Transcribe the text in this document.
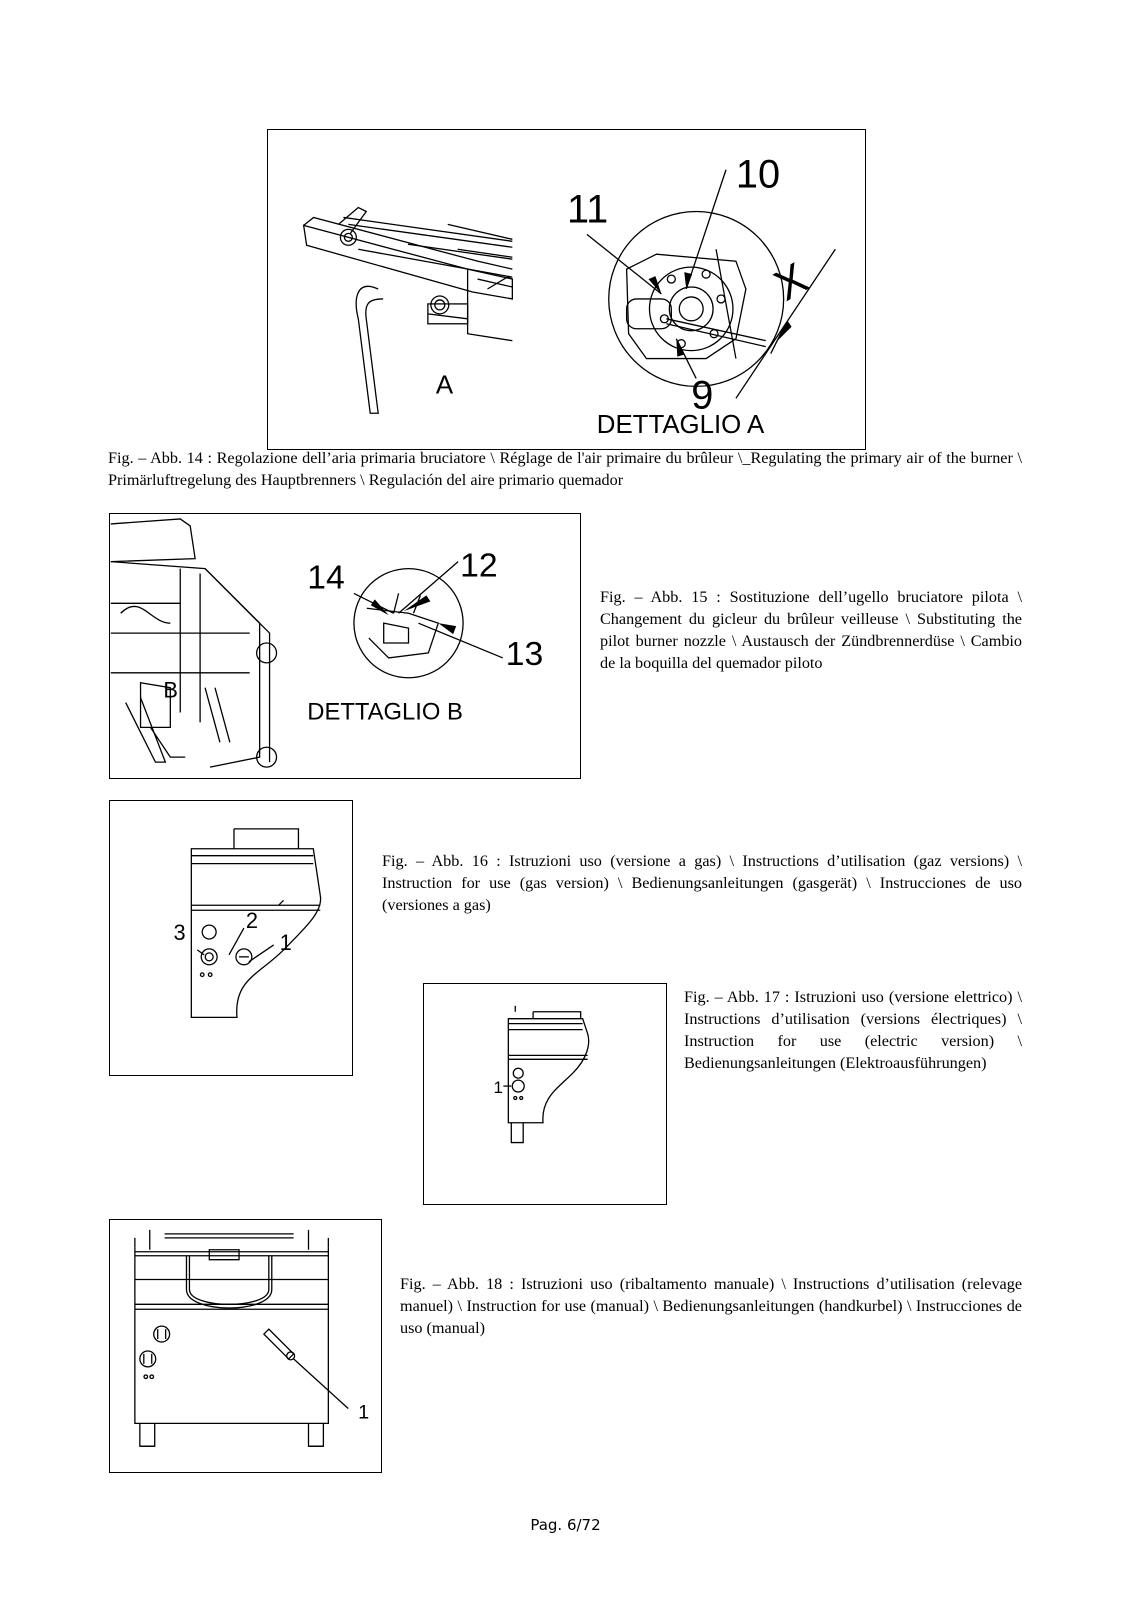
A
10
11
9
X
DETTAGLIO A
Fig. – Abb. 14 : Regolazione dell’aria primaria bruciatore \ Réglage de l'air primaire du brûleur \_Regulating the primary air of the burner \ Primärluftregelung des Hauptbrenners \ Regulación del aire primario quemador
14	12
13
B
DETTAGLIO B
Fig. – Abb. 15 : Sostituzione dell’ugello bruciatore pilota \ Changement du gicleur du brûleur veilleuse \ Substituting the pilot burner nozzle \ Austausch der Zündbrennerdüse \ Cambio de la boquilla del quemador piloto
3	2
1
Fig. – Abb. 16 : Istruzioni uso (versione a gas) \ Instructions d’utilisation (gaz versions) \ Instruction for use (gas version) \ Bedienungsanleitungen (gasgerät) \ Instrucciones de uso (versiones a gas)
1
Fig. – Abb. 17 : Istruzioni uso (versione elettrico) \ Instructions d’utilisation (versions électriques) \ Instruction for use (electric version) \ Bedienungsanleitungen (Elektroausführungen)
1
Fig. – Abb. 18 : Istruzioni uso (ribaltamento manuale) \ Instructions d’utilisation (relevage manuel) \ Instruction for use (manual) \ Bedienungsanleitungen (handkurbel) \ Instrucciones de uso (manual)
Pag. 6/72
